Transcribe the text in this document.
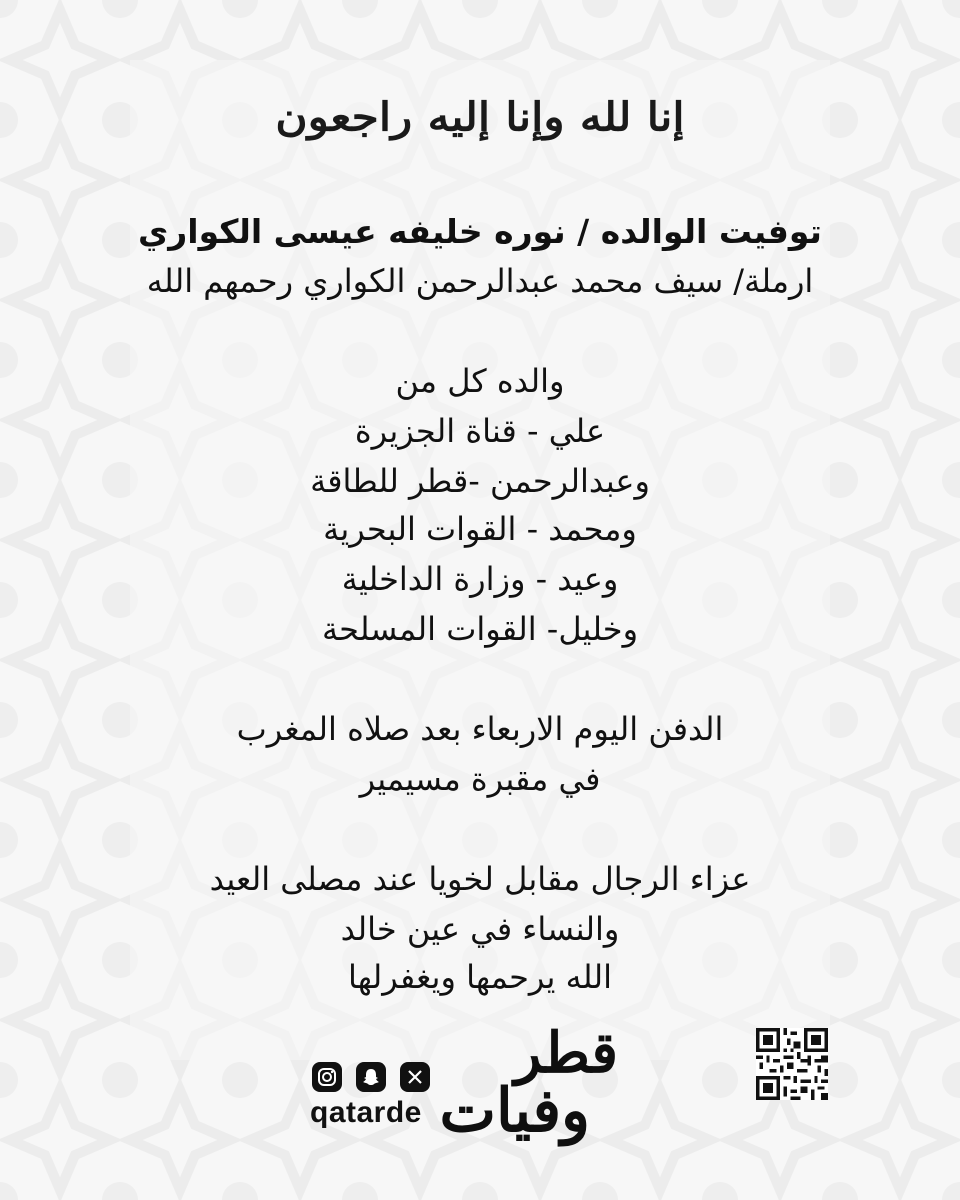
إنا لله وإنا إليه راجعون
توفيت الوالده / نوره خليفه عيسى الكواري
ارملة/ سيف محمد عبدالرحمن الكواري رحمهم الله
والده كل من
علي - قناة الجزيرة
وعبدالرحمن -قطر للطاقة
ومحمد - القوات البحرية
وعيد - وزارة الداخلية
وخليل- القوات المسلحة
الدفن اليوم الاربعاء بعد صلاه المغرب
في مقبرة مسيمير
عزاء الرجال مقابل لخويا عند مصلى العيد
والنساء في عين خالد
الله يرحمها ويغفرلها
qatarde
قطر
وفيات
